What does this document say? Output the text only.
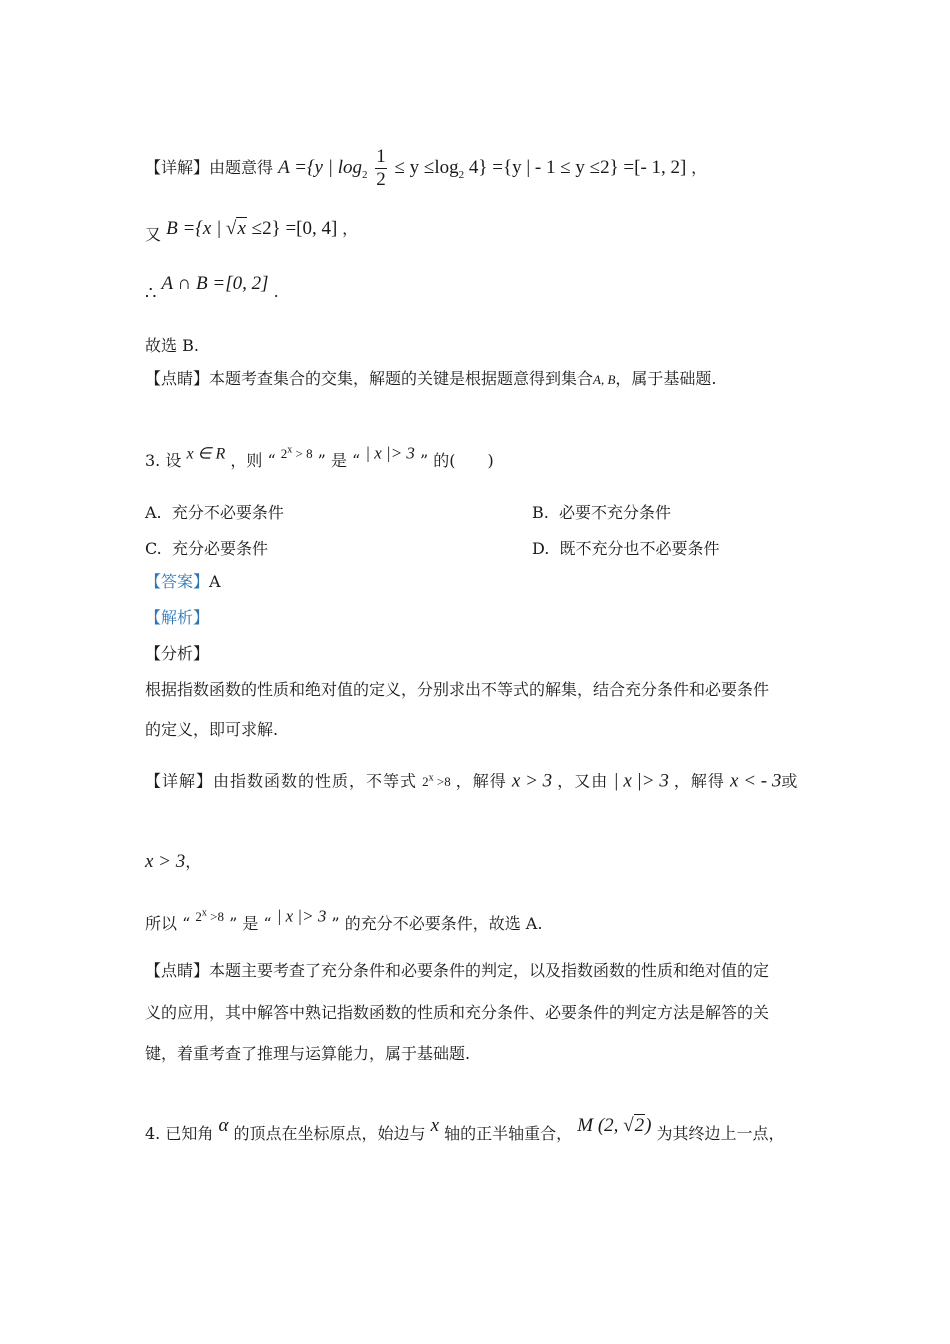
【详解】由题意得 A ={y | $\log_2 \frac{1}{2} \le y \le\log_2$ 4} ={y | - 1 ≤ y ≤2} =[- 1, 2] ，
又 B ={x | √x ≤2} =[0, 4] ，
∴ A ∩ B =[0, 2] .
故选 B.
【点睛】本题考查集合的交集，解题的关键是根据题意得到集合A, B，属于基础题.
3. 设 x ∈ R ，则 “ $2^x > 8$ ” 是 “ | x |> 3 ” 的(　　)
A. 充分不必要条件	B. 必要不充分条件
C. 充分必要条件	D. 既不充分也不必要条件
【答案】A
【解析】
【分析】
根据指数函数的性质和绝对值的定义，分别求出不等式的解集，结合充分条件和必要条件
的定义，即可求解.
【详解】由指数函数的性质，不等式 $2^x >8$ ，解得 x > 3 ，又由 | x |> 3 ，解得 x < - 3或
x > 3，
所以 “ $2^x >8$ ” 是 “ | x |> 3 ” 的充分不必要条件，故选 A.
【点睛】本题主要考查了充分条件和必要条件的判定，以及指数函数的性质和绝对值的定
义的应用，其中解答中熟记指数函数的性质和充分条件、必要条件的判定方法是解答的关
键，着重考查了推理与运算能力，属于基础题.
4. 已知角 α 的顶点在坐标原点，始边与 x 轴的正半轴重合， M (2, √2) 为其终边上一点，
